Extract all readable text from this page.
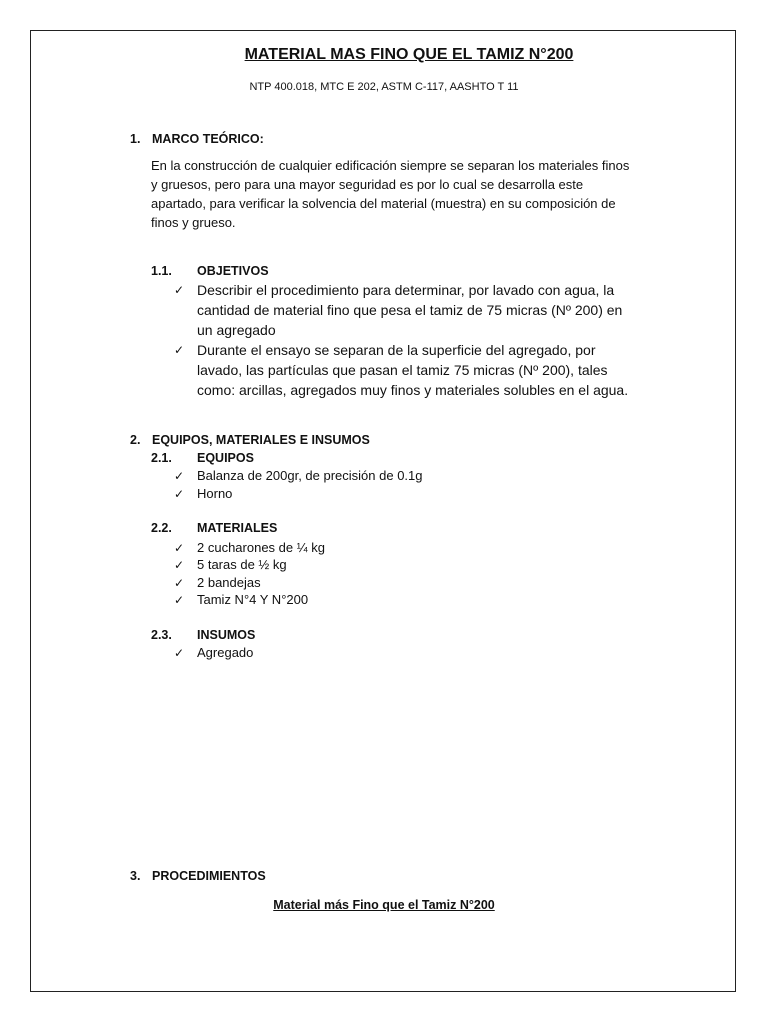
MATERIAL MAS FINO QUE EL TAMIZ N°200
NTP 400.018, MTC E 202, ASTM C-117, AASHTO T 11
1. MARCO TEÓRICO:
En la construcción de cualquier edificación siempre se separan los materiales finos
y gruesos, pero para una mayor seguridad es por lo cual se desarrolla este
apartado, para verificar la solvencia del material (muestra) en su composición de
finos y grueso.
1.1. OBJETIVOS
✓ Describir el procedimiento para determinar, por lavado con agua, la
cantidad de material fino que pesa el tamiz de 75 micras (Nº 200) en
un agregado
✓ Durante el ensayo se separan de la superficie del agregado, por
lavado, las partículas que pasan el tamiz 75 micras (Nº 200), tales
como: arcillas, agregados muy finos y materiales solubles en el agua.
2. EQUIPOS, MATERIALES E INSUMOS
2.1. EQUIPOS
✓ Balanza de 200gr, de precisión de 0.1g
✓ Horno
2.2. MATERIALES
✓ 2 cucharones de ¼ kg
✓ 5 taras de ½ kg
✓ 2 bandejas
✓ Tamiz N°4 Y N°200
2.3. INSUMOS
✓ Agregado
3. PROCEDIMIENTOS
Material más Fino que el Tamiz N°200
